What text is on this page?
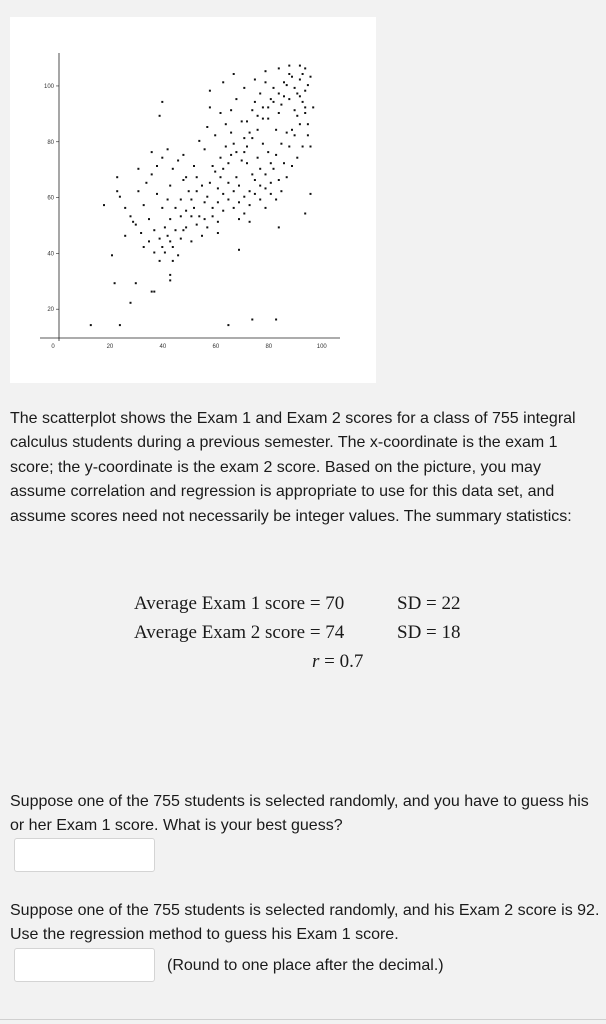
20
40
60
80
100
0	20	40	60	80	100

The scatterplot shows the Exam 1 and Exam 2 scores for a class of 755 integral calculus students during a previous semester. The x-coordinate is the exam 1 score; the y-coordinate is the exam 2 score. Based on the picture, you may assume correlation and regression is appropriate to use for this data set, and assume scores need not necessarily be integer values. The summary statistics:

Average Exam 1 score = 70	SD = 22
Average Exam 2 score = 74	SD = 18
r = 0.7

Suppose one of the 755 students is selected randomly, and you have to guess his or her Exam 1 score. What is your best guess?

Suppose one of the 755 students is selected randomly, and his Exam 2 score is 92. Use the regression method to guess his Exam 1 score.

(Round to one place after the decimal.)
